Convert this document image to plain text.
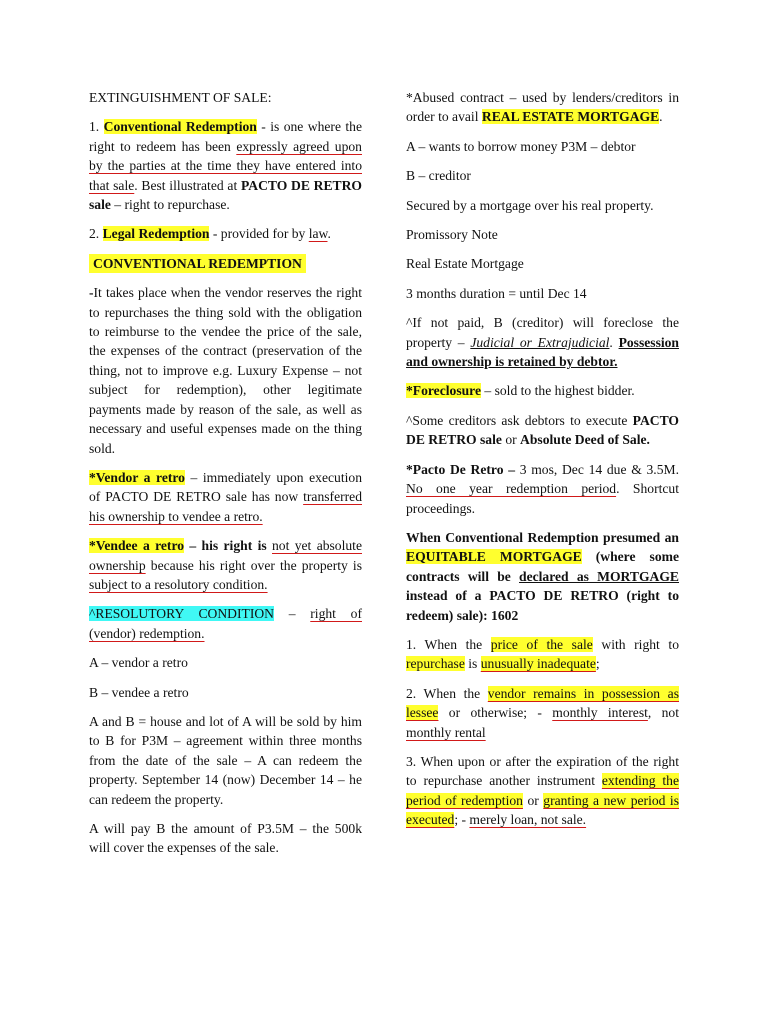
EXTINGUISHMENT OF SALE:

1. Conventional Redemption - is one where the right to redeem has been expressly agreed upon by the parties at the time they have entered into that sale. Best illustrated at PACTO DE RETRO sale – right to repurchase.

2. Legal Redemption - provided for by law.

CONVENTIONAL REDEMPTION

-It takes place when the vendor reserves the right to repurchases the thing sold with the obligation to reimburse to the vendee the price of the sale, the expenses of the contract (preservation of the thing, not to improve e.g. Luxury Expense – not subject for redemption), other legitimate payments made by reason of the sale, as well as necessary and useful expenses made on the thing sold.

*Vendor a retro – immediately upon execution of PACTO DE RETRO sale has now transferred his ownership to vendee a retro.

*Vendee a retro – his right is not yet absolute ownership because his right over the property is subject to a resolutory condition.

^RESOLUTORY CONDITION – right of (vendor) redemption.

A – vendor a retro

B – vendee a retro

A and B = house and lot of A will be sold by him to B for P3M – agreement within three months from the date of the sale – A can redeem the property. September 14 (now) December 14 – he can redeem the property.

A will pay B the amount of P3.5M – the 500k will cover the expenses of the sale.

*Abused contract – used by lenders/creditors in order to avail REAL ESTATE MORTGAGE.

A – wants to borrow money P3M – debtor

B – creditor

Secured by a mortgage over his real property.

Promissory Note

Real Estate Mortgage

3 months duration = until Dec 14

^If not paid, B (creditor) will foreclose the property – Judicial or Extrajudicial. Possession and ownership is retained by debtor.

*Foreclosure – sold to the highest bidder.

^Some creditors ask debtors to execute PACTO DE RETRO sale or Absolute Deed of Sale.

*Pacto De Retro – 3 mos, Dec 14 due & 3.5M. No one year redemption period. Shortcut proceedings.

When Conventional Redemption presumed an EQUITABLE MORTGAGE (where some contracts will be declared as MORTGAGE instead of a PACTO DE RETRO (right to redeem) sale): 1602

1. When the price of the sale with right to repurchase is unusually inadequate;

2. When the vendor remains in possession as lessee or otherwise; - monthly interest, not monthly rental

3. When upon or after the expiration of the right to repurchase another instrument extending the period of redemption or granting a new period is executed; - merely loan, not sale.
